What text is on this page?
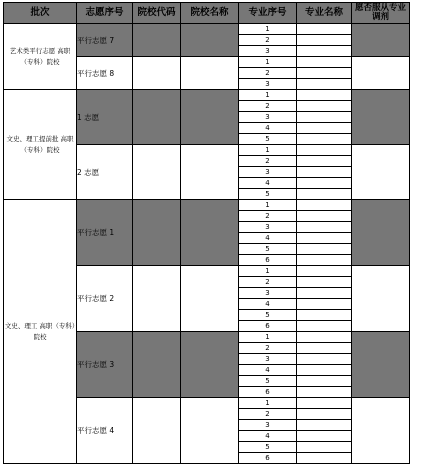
批次	志愿序号	院校代码	院校名称	专业序号	专业名称	愿否服从专业调剂
艺术类平行志愿 高职（专科）院校	平行志愿 7			1		
				2		
				3		
	平行志愿 8			1		
				2		
				3		
文史、理工提前批 高职（专科）院校	1 志愿			1		
				2		
				3		
				4		
				5		
	2 志愿			1		
				2		
				3		
				4		
				5		
文史、理工 高职（专科）院校	平行志愿 1			1		
				2		
				3		
				4		
				5		
				6		
	平行志愿 2			1		
				2		
				3		
				4		
				5		
				6		
	平行志愿 3			1		
				2		
				3		
				4		
				5		
				6		
	平行志愿 4			1		
				2		
				3		
				4		
				5		
				6		
